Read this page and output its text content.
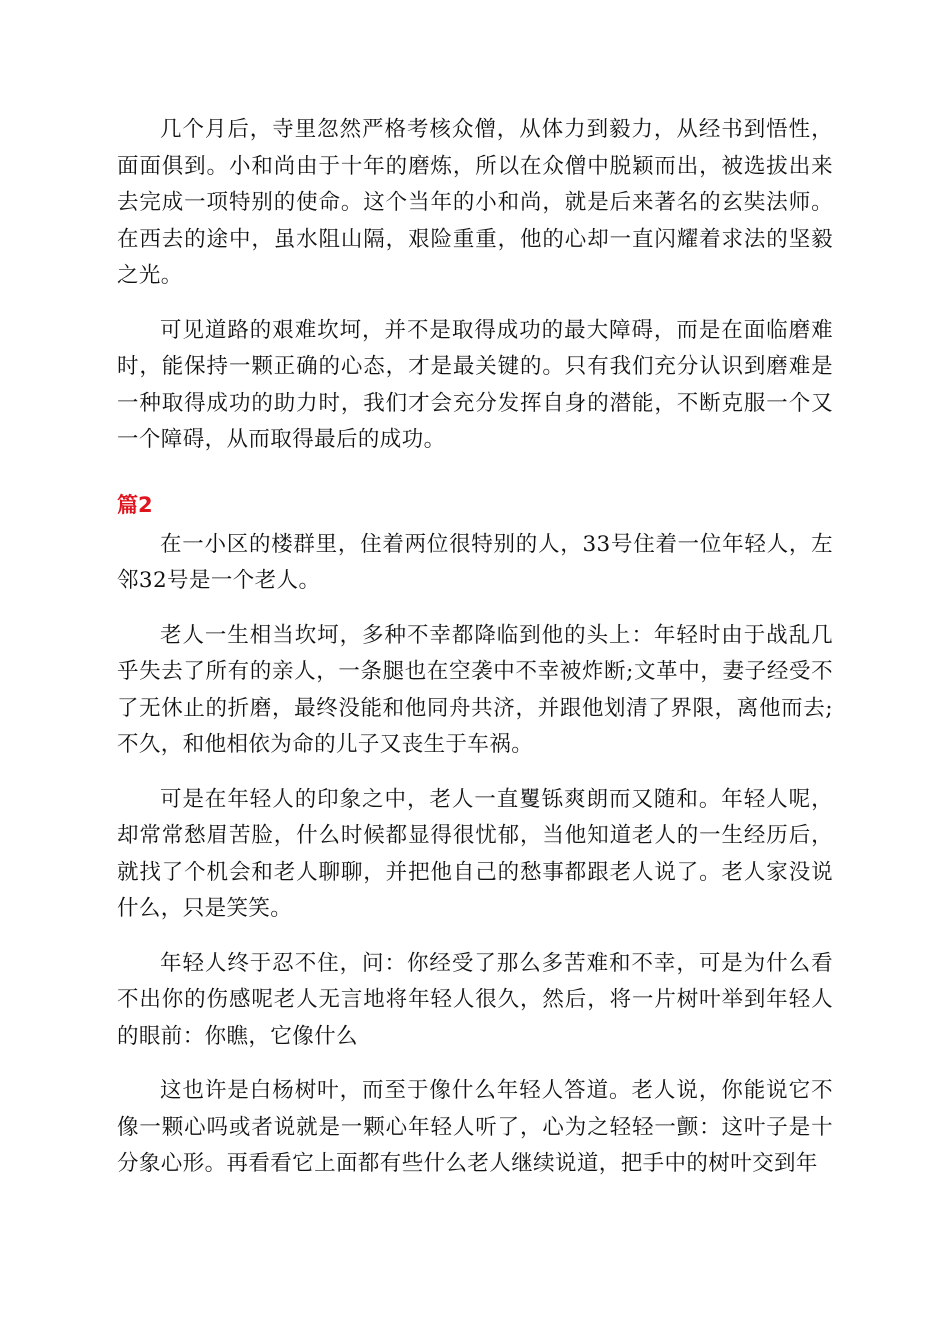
几个月后，寺里忽然严格考核众僧，从体力到毅力，从经书到悟性，面面俱到。小和尚由于十年的磨炼，所以在众僧中脱颖而出，被选拔出来去完成一项特别的使命。这个当年的小和尚，就是后来著名的玄奘法师。在西去的途中，虽水阻山隔，艰险重重，他的心却一直闪耀着求法的坚毅之光。

可见道路的艰难坎坷，并不是取得成功的最大障碍，而是在面临磨难时，能保持一颗正确的心态，才是最关键的。只有我们充分认识到磨难是一种取得成功的助力时，我们才会充分发挥自身的潜能，不断克服一个又一个障碍，从而取得最后的成功。

篇2

在一小区的楼群里，住着两位很特别的人，33号住着一位年轻人，左邻32号是一个老人。

老人一生相当坎坷，多种不幸都降临到他的头上：年轻时由于战乱几乎失去了所有的亲人，一条腿也在空袭中不幸被炸断;文革中，妻子经受不了无休止的折磨，最终没能和他同舟共济，并跟他划清了界限，离他而去;不久，和他相依为命的儿子又丧生于车祸。

可是在年轻人的印象之中，老人一直矍铄爽朗而又随和。年轻人呢，却常常愁眉苦脸，什么时候都显得很忧郁，当他知道老人的一生经历后，就找了个机会和老人聊聊，并把他自己的愁事都跟老人说了。老人家没说什么，只是笑笑。

年轻人终于忍不住，问：你经受了那么多苦难和不幸，可是为什么看不出你的伤感呢老人无言地将年轻人很久，然后，将一片树叶举到年轻人的眼前：你瞧，它像什么

这也许是白杨树叶，而至于像什么年轻人答道。老人说，你能说它不像一颗心吗或者说就是一颗心年轻人听了，心为之轻轻一颤：这叶子是十分象心形。再看看它上面都有些什么老人继续说道，把手中的树叶交到年
